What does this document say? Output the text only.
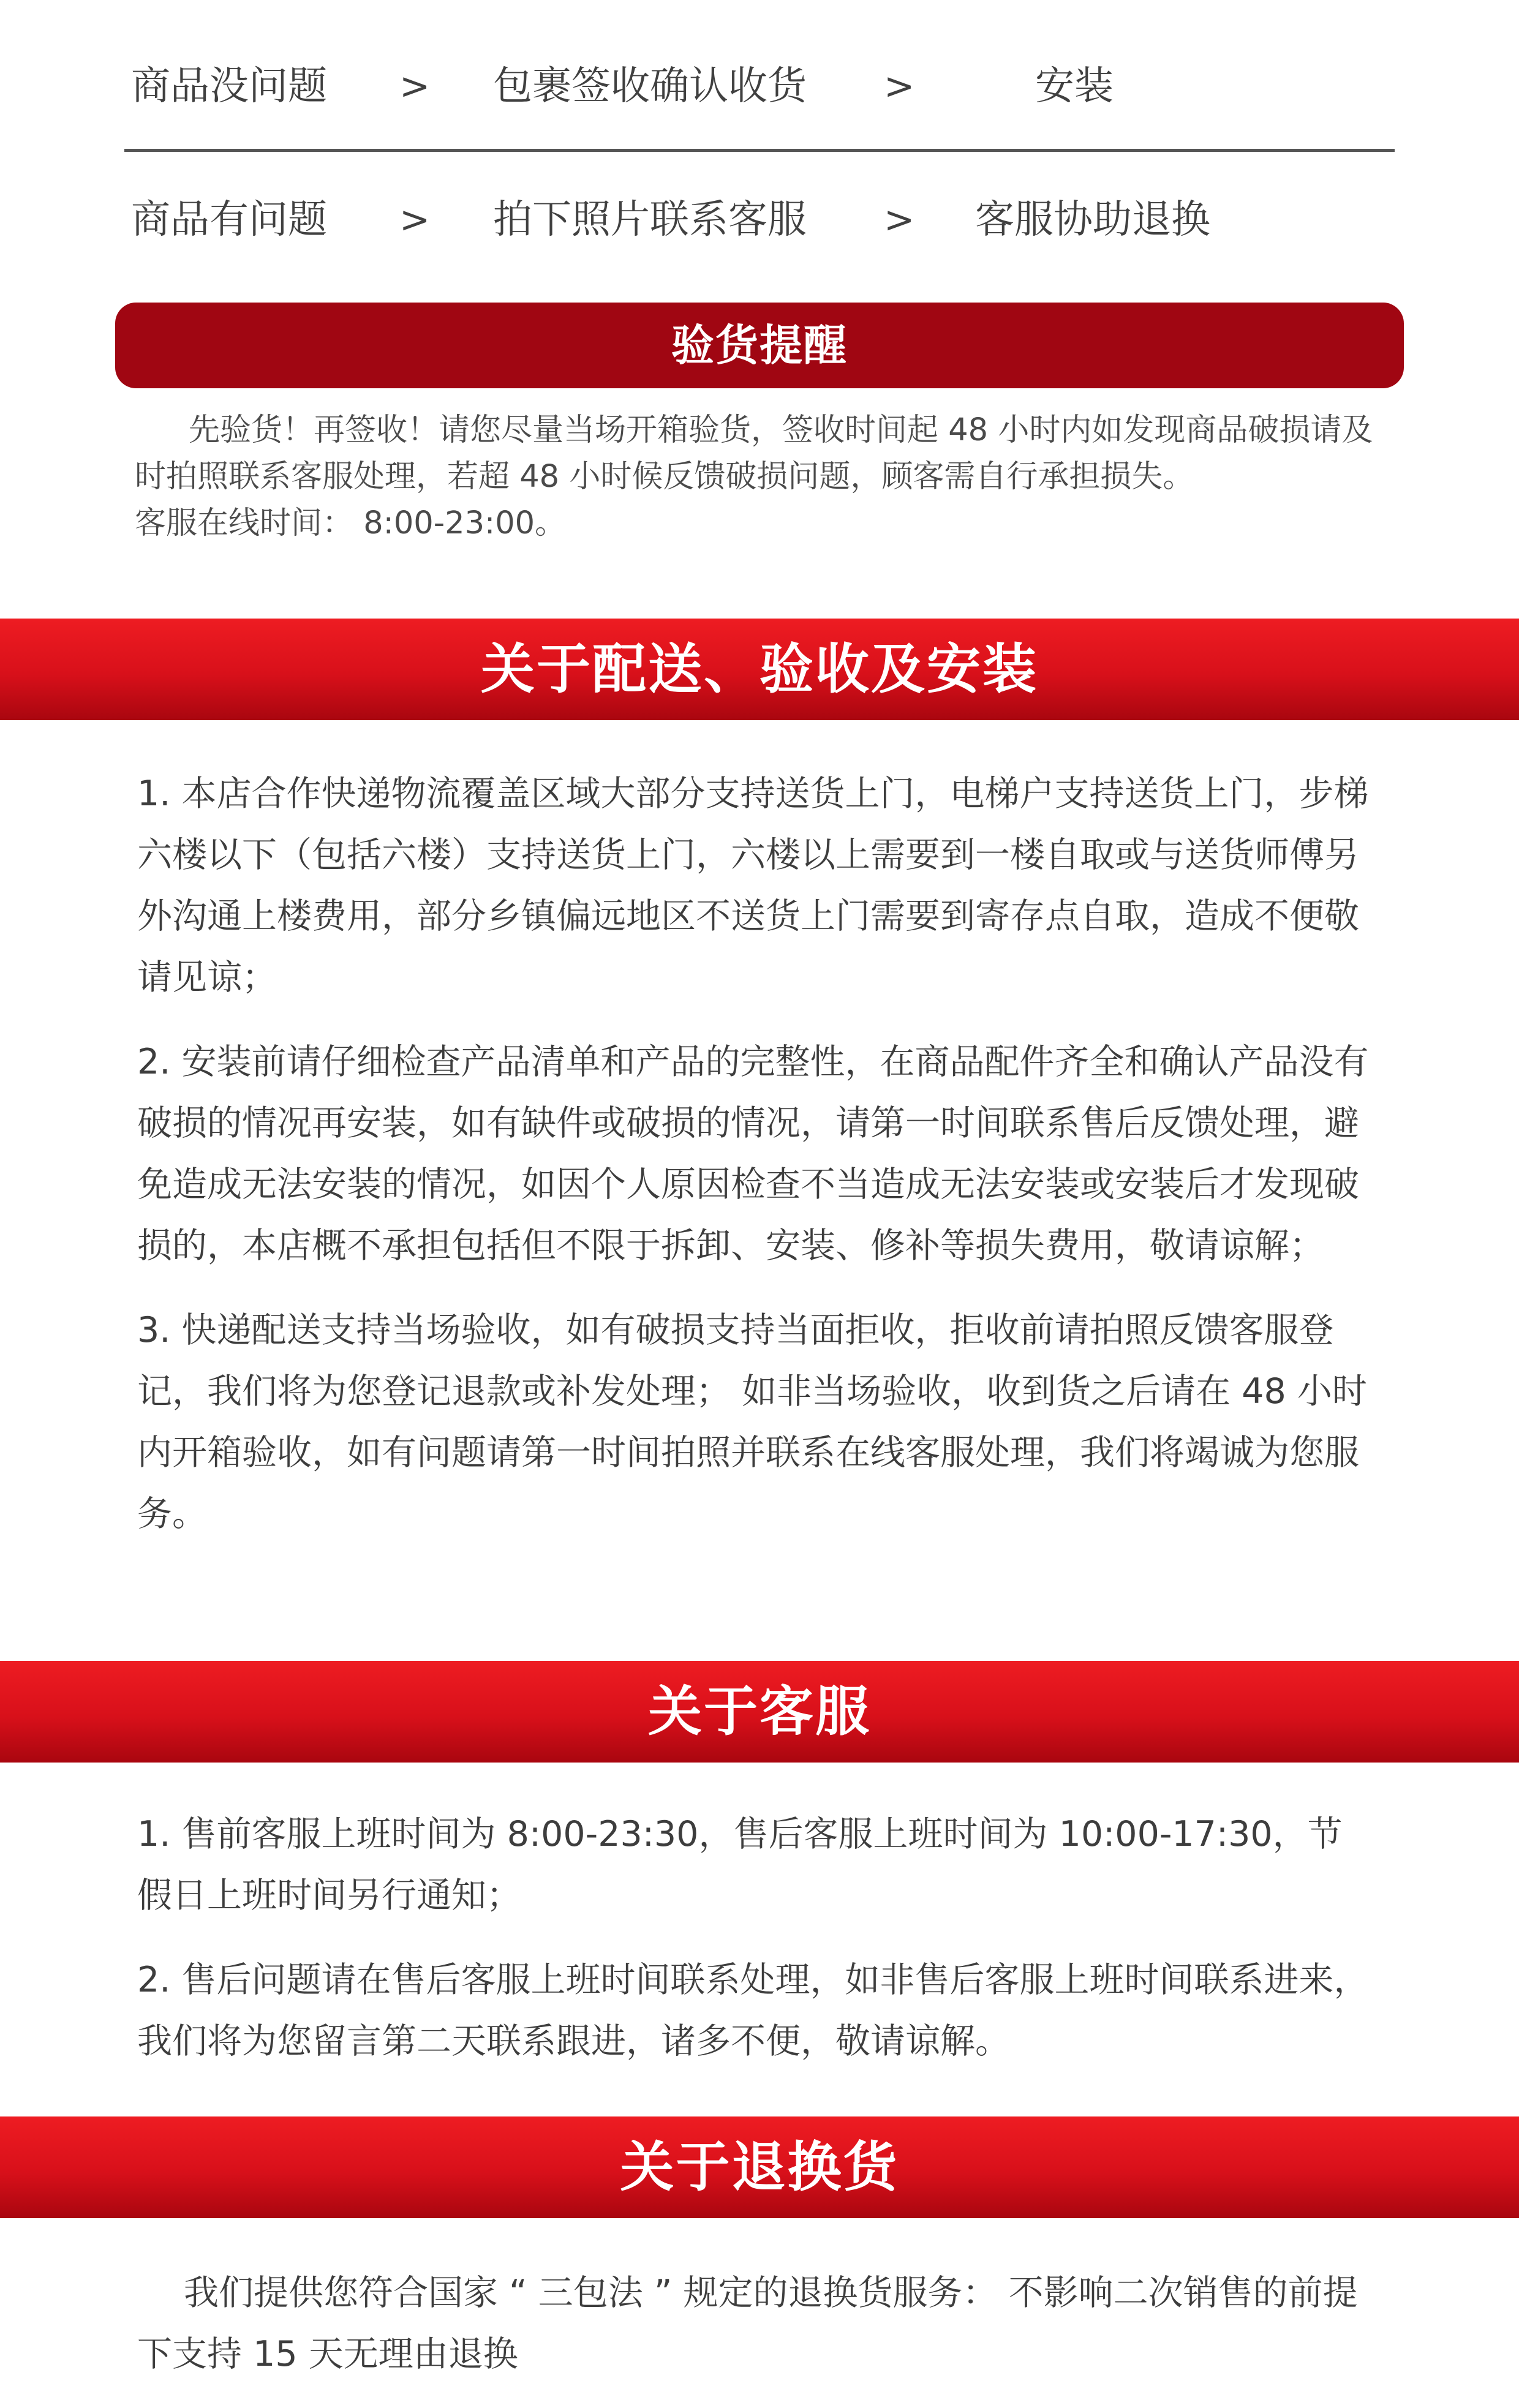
商品没问题 > 包裹签收确认收货 >	安装
商品有问题 > 拍下照片联系客服 > 客服协助退换
验货提醒

先验货！再签收！请您尽量当场开箱验货，签收时间起 48 小时内如发现商品破损请及时拍照联系客服处理，若超 48 小时候反馈破损问题，顾客需自行承担损失。

客服在线时间： 8:00-23:00。

关于配送、验收及安装

1. 本店合作快递物流覆盖区域大部分支持送货上门，电梯户支持送货上门，步梯六楼以下（包括六楼）支持送货上门，六楼以上需要到一楼自取或与送货师傅另外沟通上楼费用，部分乡镇偏远地区不送货上门需要到寄存点自取，造成不便敬请见谅；

2. 安装前请仔细检查产品清单和产品的完整性，在商品配件齐全和确认产品没有破损的情况再安装，如有缺件或破损的情况，请第一时间联系售后反馈处理，避免造成无法安装的情况，如因个人原因检查不当造成无法安装或安装后才发现破损的，本店概不承担包括但不限于拆卸、安装、修补等损失费用，敬请谅解；

3. 快递配送支持当场验收，如有破损支持当面拒收，拒收前请拍照反馈客服登记，我们将为您登记退款或补发处理； 如非当场验收，收到货之后请在 48 小时内开箱验收，如有问题请第一时间拍照并联系在线客服处理，我们将竭诚为您服务。

关于客服

1. 售前客服上班时间为 8:00-23:30，售后客服上班时间为 10:00-17:30，节假日上班时间另行通知；

2. 售后问题请在售后客服上班时间联系处理，如非售后客服上班时间联系进来，我们将为您留言第二天联系跟进，诸多不便，敬请谅解。

关于退换货

我们提供您符合国家 “ 三包法 ” 规定的退换货服务： 不影响二次销售的前提下支持 15 天无理由退换
